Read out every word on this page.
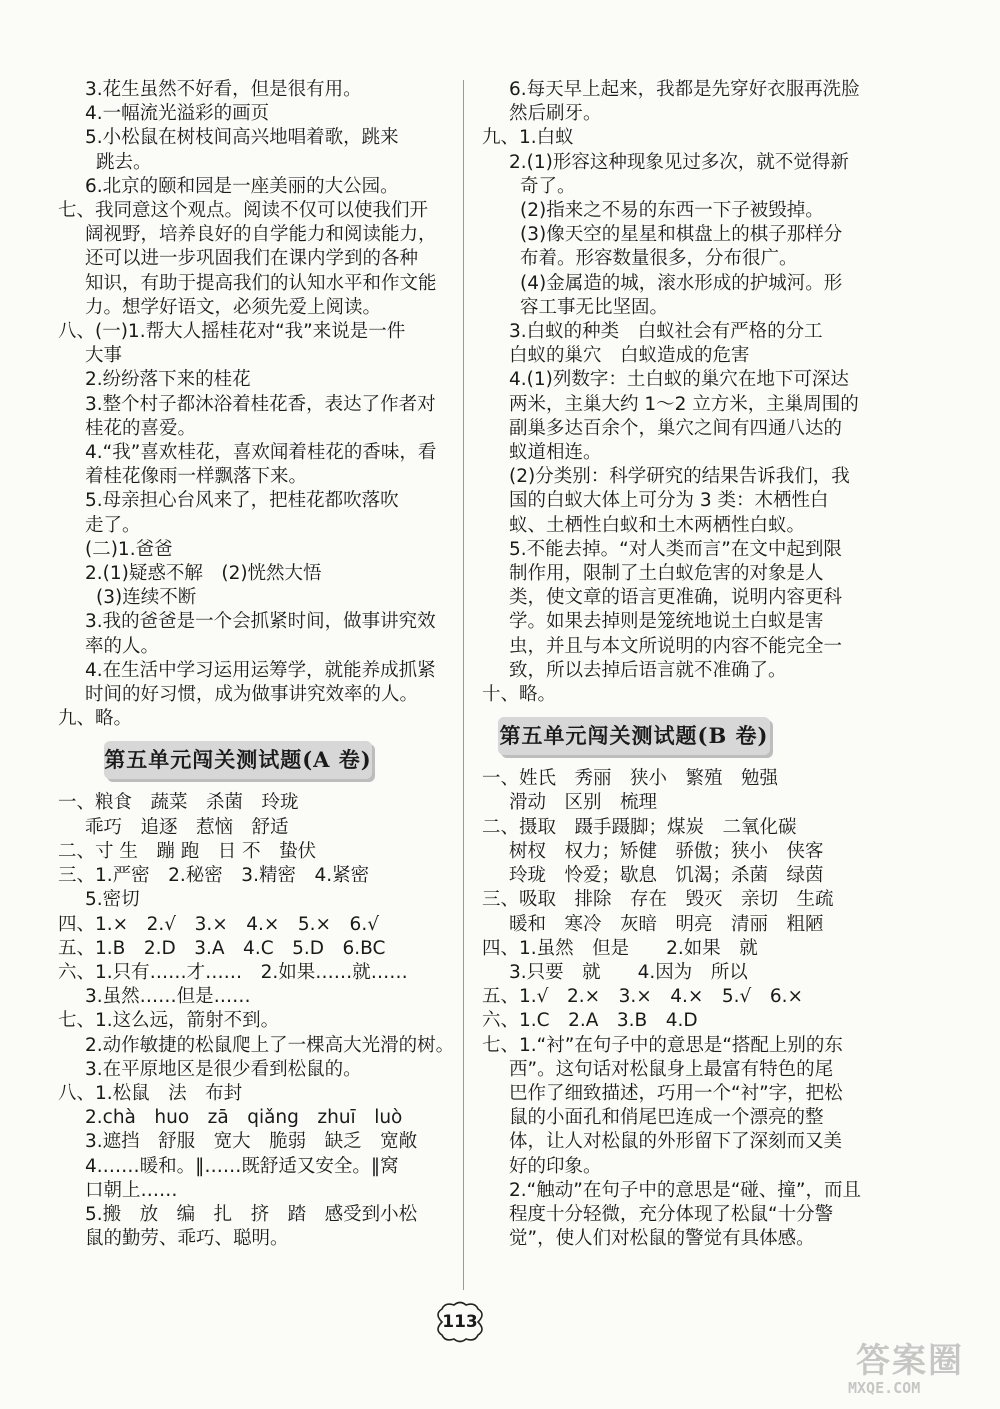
3.花生虽然不好看，但是很有用。
4.一幅流光溢彩的画页
5.小松鼠在树枝间高兴地唱着歌，跳来
跳去。
6.北京的颐和园是一座美丽的大公园。
七、我同意这个观点。阅读不仅可以使我们开
阔视野，培养良好的自学能力和阅读能力，
还可以进一步巩固我们在课内学到的各种
知识，有助于提高我们的认知水平和作文能
力。想学好语文，必须先爱上阅读。
八、(一)1.帮大人摇桂花对“我”来说是一件
大事
2.纷纷落下来的桂花
3.整个村子都沐浴着桂花香，表达了作者对
桂花的喜爱。
4.“我”喜欢桂花，喜欢闻着桂花的香味，看
着桂花像雨一样飘落下来。
5.母亲担心台风来了，把桂花都吹落吹
走了。
(二)1.爸爸
2.(1)疑惑不解　(2)恍然大悟
(3)连续不断
3.我的爸爸是一个会抓紧时间，做事讲究效
率的人。
4.在生活中学习运用运筹学，就能养成抓紧
时间的好习惯，成为做事讲究效率的人。
九、略。
第五单元闯关测试题(A 卷)
一、粮食　蔬菜　杀菌　玲珑
乖巧　追逐　惹恼　舒适
二、寸 生　蹦 跑　日 不　蛰伏
三、1.严密　2.秘密　3.精密　4.紧密
5.密切
四、1.×　2.√　3.×　4.×　5.×　6.√
五、1.B　2.D　3.A　4.C　5.D　6.BC
六、1.只有……才……　2.如果……就……
3.虽然……但是……
七、1.这么远，箭射不到。
2.动作敏捷的松鼠爬上了一棵高大光滑的树。
3.在平原地区是很少看到松鼠的。
八、1.松鼠　法　布封
2.chà　huo　zā　qiǎng　zhuī　luò
3.遮挡　舒服　宽大　脆弱　缺乏　宽敞
4.……暖和。‖……既舒适又安全。‖窝
口朝上……
5.搬　放　编　扎　挤　踏　感受到小松
鼠的勤劳、乖巧、聪明。
6.每天早上起来，我都是先穿好衣服再洗脸
然后刷牙。
九、1.白蚁
2.(1)形容这种现象见过多次，就不觉得新
奇了。
(2)指来之不易的东西一下子被毁掉。
(3)像天空的星星和棋盘上的棋子那样分
布着。形容数量很多，分布很广。
(4)金属造的城，滚水形成的护城河。形
容工事无比坚固。
3.白蚁的种类　白蚁社会有严格的分工
白蚁的巢穴　白蚁造成的危害
4.(1)列数字：土白蚁的巢穴在地下可深达
两米，主巢大约 1～2 立方米，主巢周围的
副巢多达百余个，巢穴之间有四通八达的
蚁道相连。
(2)分类别：科学研究的结果告诉我们，我
国的白蚁大体上可分为 3 类：木栖性白
蚁、土栖性白蚁和土木两栖性白蚁。
5.不能去掉。“对人类而言”在文中起到限
制作用，限制了土白蚁危害的对象是人
类，使文章的语言更准确，说明内容更科
学。如果去掉则是笼统地说土白蚁是害
虫，并且与本文所说明的内容不能完全一
致，所以去掉后语言就不准确了。
十、略。
第五单元闯关测试题(B 卷)
一、姓氏　秀丽　狭小　繁殖　勉强
滑动　区别　梳理
二、摄取　蹑手蹑脚；煤炭　二氧化碳
树杈　权力；矫健　骄傲；狭小　侠客
玲珑　怜爱；歇息　饥渴；杀菌　绿茵
三、吸取　排除　存在　毁灭　亲切　生疏
暖和　寒冷　灰暗　明亮　清丽　粗陋
四、1.虽然　但是　　2.如果　就
3.只要　就　　4.因为　所以
五、1.√　2.×　3.×　4.×　5.√　6.×
六、1.C　2.A　3.B　4.D
七、1.“衬”在句子中的意思是“搭配上别的东
西”。这句话对松鼠身上最富有特色的尾
巴作了细致描述，巧用一个“衬”字，把松
鼠的小面孔和俏尾巴连成一个漂亮的整
体，让人对松鼠的外形留下了深刻而又美
好的印象。
2.“触动”在句子中的意思是“碰、撞”，而且
程度十分轻微，充分体现了松鼠“十分警
觉”，使人们对松鼠的警觉有具体感。
113
答案圈
MXQE.COM
